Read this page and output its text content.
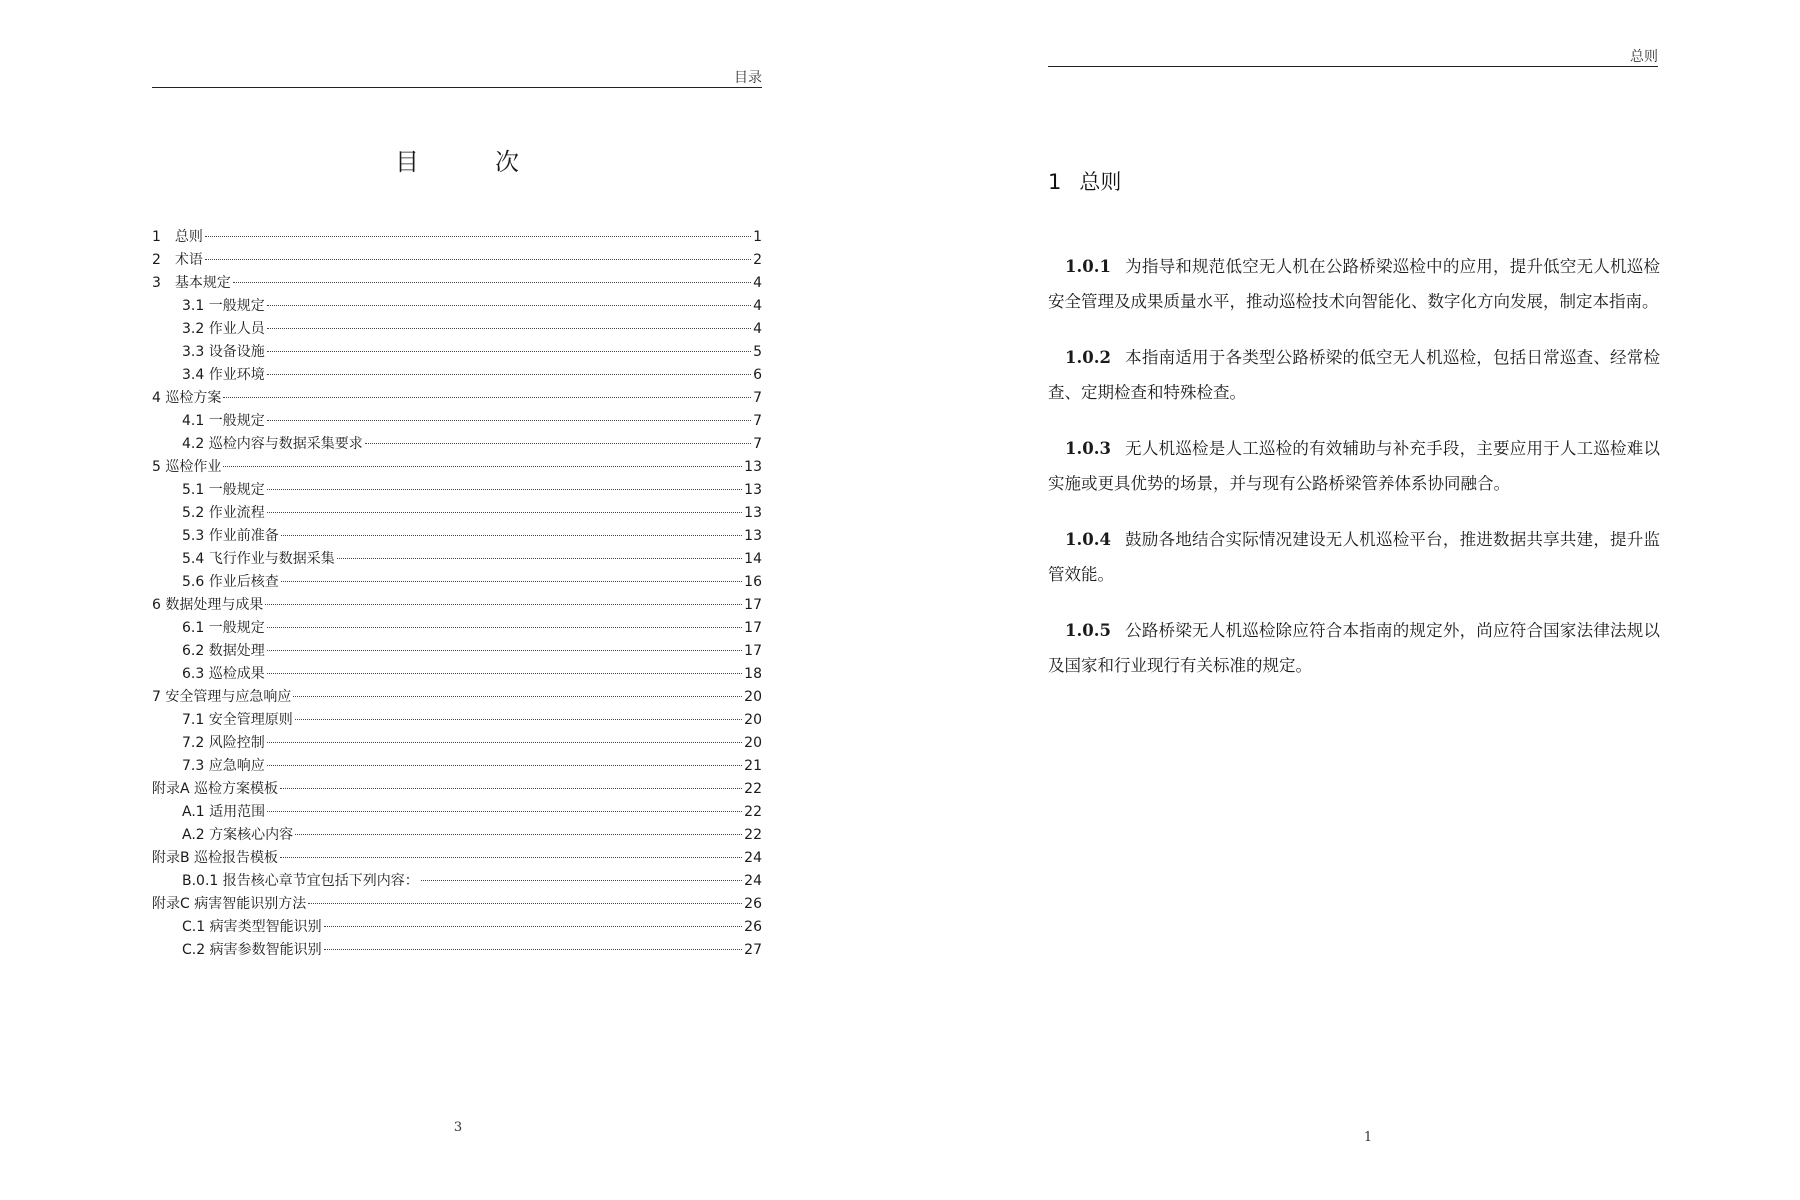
目录
目　次
1　总则	1
2　术语	2
3　基本规定	4
3.1 一般规定	4
3.2 作业人员	4
3.3 设备设施	5
3.4 作业环境	6
4 巡检方案	7
4.1 一般规定	7
4.2 巡检内容与数据采集要求	7
5 巡检作业	13
5.1 一般规定	13
5.2 作业流程	13
5.3 作业前准备	13
5.4 飞行作业与数据采集	14
5.6 作业后核查	16
6 数据处理与成果	17
6.1 一般规定	17
6.2 数据处理	17
6.3 巡检成果	18
7 安全管理与应急响应	20
7.1 安全管理原则	20
7.2 风险控制	20
7.3 应急响应	21
附录A 巡检方案模板	22
A.1 适用范围	22
A.2 方案核心内容	22
附录B 巡检报告模板	24
B.0.1 报告核心章节宜包括下列内容：	24
附录C 病害智能识别方法	26
C.1 病害类型智能识别	26
C.2 病害参数智能识别	27
3
总则
1 总则

1.0.1 为指导和规范低空无人机在公路桥梁巡检中的应用，提升低空无人机巡检安全管理及成果质量水平，推动巡检技术向智能化、数字化方向发展，制定本指南。

1.0.2 本指南适用于各类型公路桥梁的低空无人机巡检，包括日常巡查、经常检查、定期检查和特殊检查。

1.0.3 无人机巡检是人工巡检的有效辅助与补充手段，主要应用于人工巡检难以实施或更具优势的场景，并与现有公路桥梁管养体系协同融合。

1.0.4 鼓励各地结合实际情况建设无人机巡检平台，推进数据共享共建，提升监管效能。

1.0.5 公路桥梁无人机巡检除应符合本指南的规定外，尚应符合国家法律法规以及国家和行业现行有关标准的规定。

1
